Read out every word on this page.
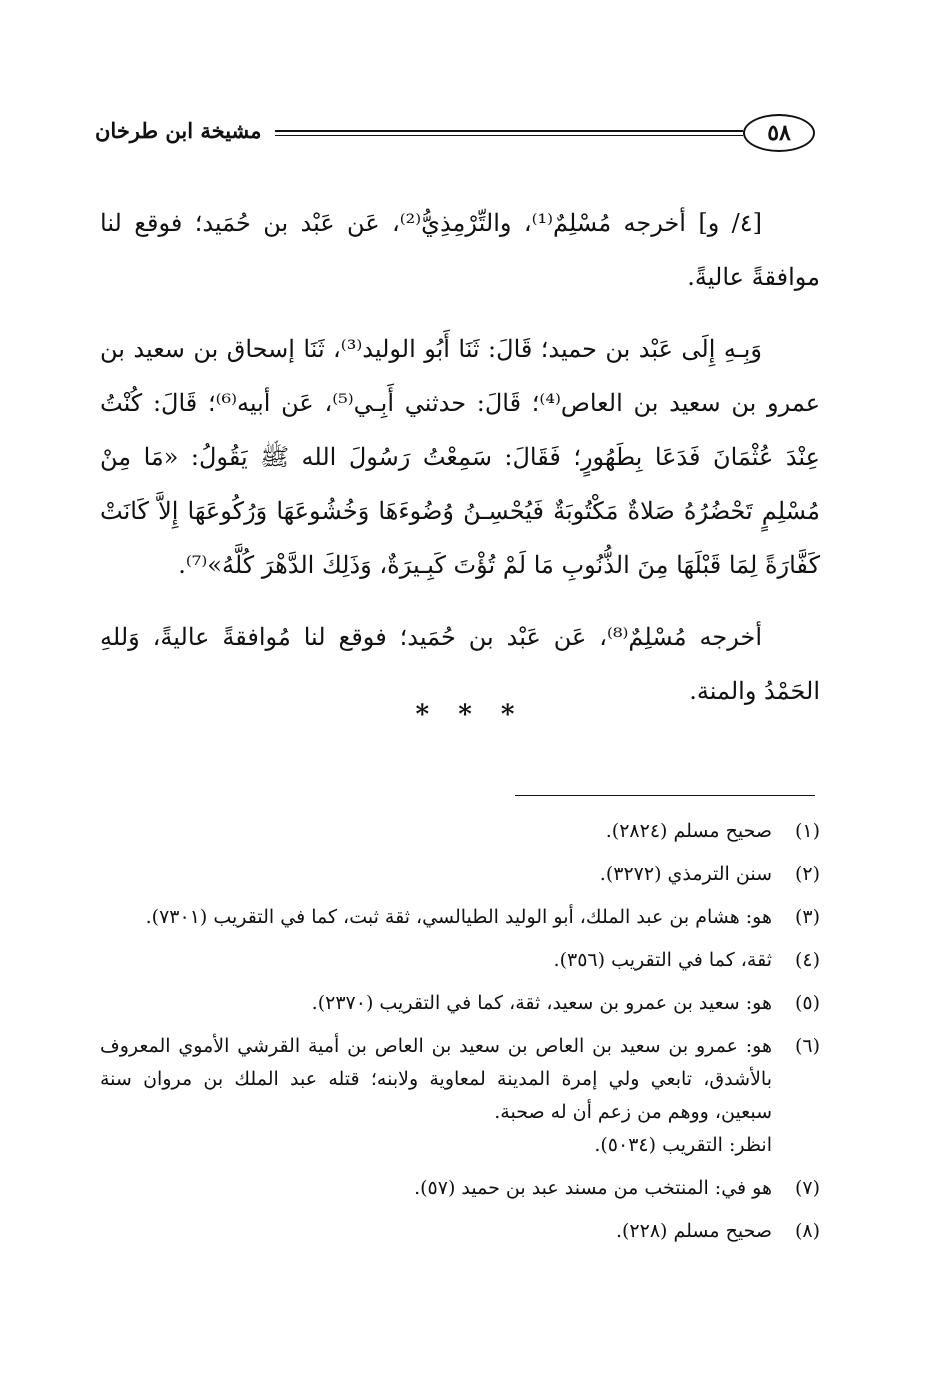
٥٨
مشيخة ابن طرخان

[٤/ و] أخرجه مُسْلِمٌ⁽¹⁾، والتِّرْمِذِيُّ⁽²⁾، عَن عَبْد بن حُمَيد؛ فوقع لنا موافقةً عاليةً.

وَبِـهِ إِلَى عَبْد بن حميد؛ قَالَ: ثَنَا أَبُو الوليد⁽³⁾، ثَنَا إسحاق بن سعيد بن عمرو بن سعيد بن العاص⁽⁴⁾؛ قَالَ: حدثني أَبِـي⁽⁵⁾، عَن أبيه⁽⁶⁾؛ قَالَ: كُنْتُ عِنْدَ عُثْمَانَ فَدَعَا بِطَهُورٍ؛ فَقَالَ: سَمِعْتُ رَسُولَ الله ﷺ يَقُولُ: «مَا مِنْ مُسْلِمٍ تَحْضُرُهُ صَلاةٌ مَكْتُوبَةٌ فَيُحْسِـنُ وُضُوءَهَا وَخُشُوعَهَا وَرُكُوعَهَا إِلاَّ كَانَتْ كَفَّارَةً لِمَا قَبْلَهَا مِنَ الذُّنُوبِ مَا لَمْ تُؤْتَ كَبِـيرَةٌ، وَذَلِكَ الدَّهْرَ كُلَّهُ»⁽⁷⁾.

أخرجه مُسْلِمٌ⁽⁸⁾، عَن عَبْد بن حُمَيد؛ فوقع لنا مُوافقةً عاليةً، وَللهِ الحَمْدُ والمنة.

* * *
(١)
صحيح مسلم (٢٨٢٤).
(٢)
سنن الترمذي (٣٢٧٢).
(٣)
هو: هشام بن عبد الملك، أبو الوليد الطيالسي، ثقة ثبت، كما في التقريب (٧٣٠١).
(٤)
ثقة، كما في التقريب (٣٥٦).
(٥)
هو: سعيد بن عمرو بن سعيد، ثقة، كما في التقريب (٢٣٧٠).
(٦)
هو: عمرو بن سعيد بن العاص بن سعيد بن العاص بن أمية القرشي الأموي المعروف بالأشدق، تابعي ولي إمرة المدينة لمعاوية ولابنه؛ قتله عبد الملك بن مروان سنة سبعين، ووهم من زعم أن له صحبة.
انظر: التقريب (٥٠٣٤).
(٧)
هو في: المنتخب من مسند عبد بن حميد (٥٧).
(٨)
صحيح مسلم (٢٢٨).
